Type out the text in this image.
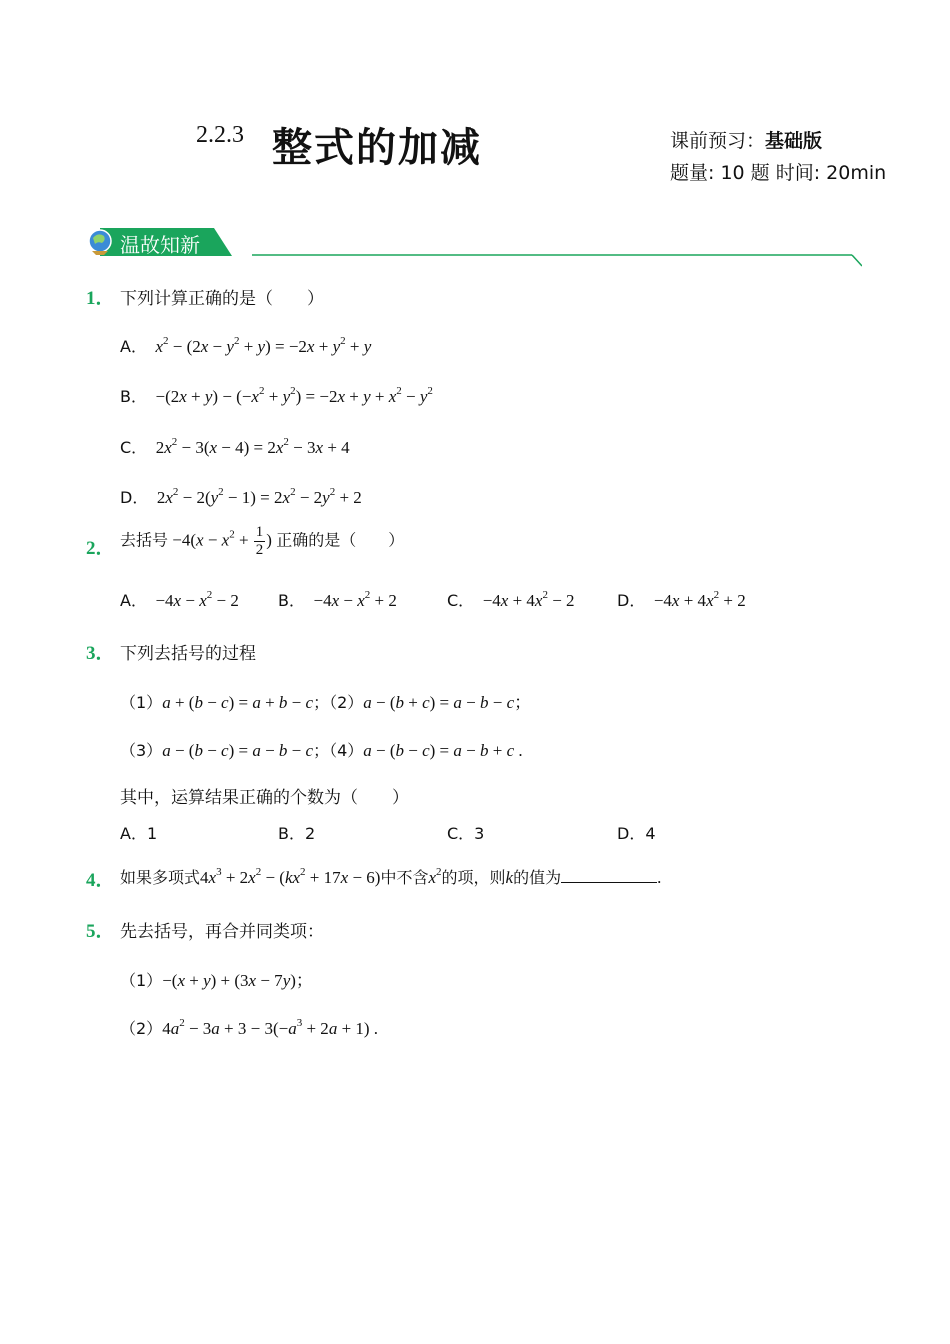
2.2.3 整式的加减	课前预习：基础版
题量: 10 题 时间: 20min
温故知新
1． 下列计算正确的是（　　）
A． $x^2 - (2x - y^2 + y) = -2x + y^2 + y$
B．  $-(2x + y) - (-x^2 + y^2) = -2x + y + x^2 - y^2$
C．  $2x^2 - 3(x - 4) = 2x^2 - 3x + 4$
D．  $2x^2 - 2(y^2 - 1) = 2x^2 - 2y^2 + 2$
2． 去括号 $-4(x - x^2 + \frac{1}{2}$ ) 正确的是（　　）
A．  $-4x - x^2 - 2$ B．  $-4x - x^2 + 2$	C．  $-4x + 4x^2 - 2$	D．  $-4x + 4x^2 + 2$
3． 下列去括号的过程
（1）a + (b − c) = a + b − c；（2）a − (b + c) = a − b − c；
（3）a − (b − c) = a − b − c；（4）a − (b − c) = a − b + c .
其中，运算结果正确的个数为（　　）
A．1	B．2	C．3	D．4
4． 如果多项式$4x^3 + 2x^2 - (kx^2 + 17x - 6)$中不含$x^2$的项，则k的值为	.
5． 先去括号，再合并同类项：
（1）−(x + y) + (3x − 7y)；
$(2)4a^2 - 3a + 3 - 3(-a^3 + 2a + 1)$ .
